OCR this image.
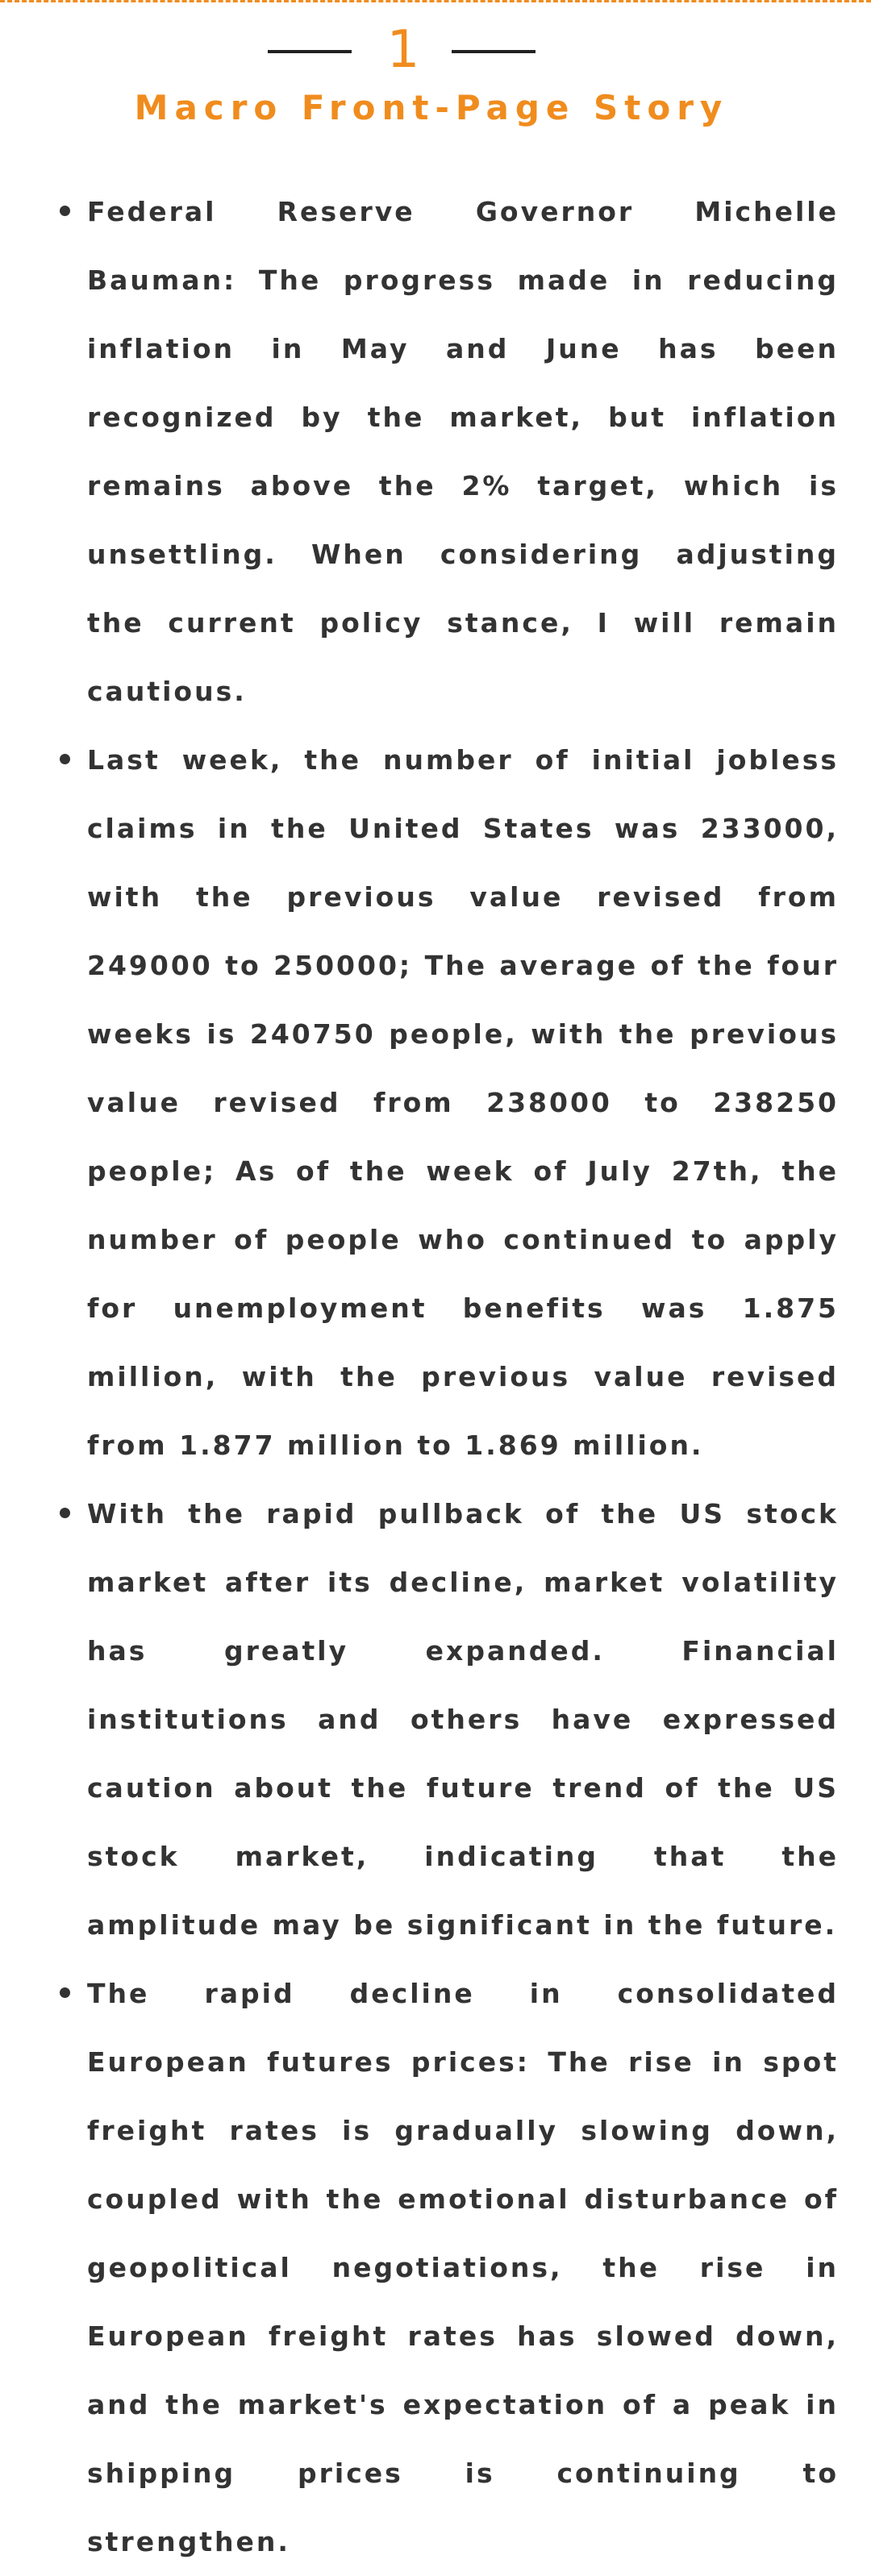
1
Macro Front-Page Story
Federal Reserve Governor Michelle Bauman: The progress made in reducing inflation in May and June has been recognized by the market, but inflation remains above the 2% target, which is unsettling. When considering adjusting the current policy stance, I will remain cautious.
Last week, the number of initial jobless claims in the United States was 233000, with the previous value revised from 249000 to 250000; The average of the four weeks is 240750 people, with the previous value revised from 238000 to 238250 people; As of the week of July 27th, the number of people who continued to apply for unemployment benefits was 1.875 million, with the previous value revised from 1.877 million to 1.869 million.
With the rapid pullback of the US stock market after its decline, market volatility has greatly expanded. Financial institutions and others have expressed caution about the future trend of the US stock market, indicating that the amplitude may be significant in the future.
The rapid decline in consolidated European futures prices: The rise in spot freight rates is gradually slowing down, coupled with the emotional disturbance of geopolitical negotiations, the rise in European freight rates has slowed down, and the market's expectation of a peak in shipping prices is continuing to strengthen.
